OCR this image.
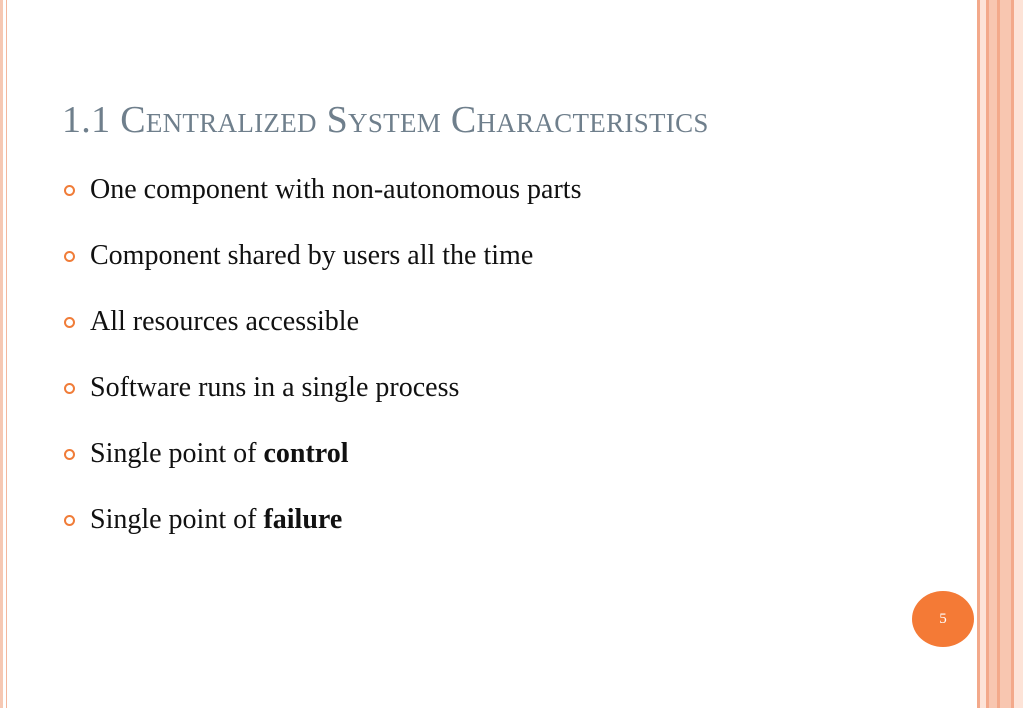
1.1 Centralized System Characteristics
One component with non-autonomous parts
Component shared by users all the time
All resources accessible
Software runs in a single process
Single point of control
Single point of failure
5
